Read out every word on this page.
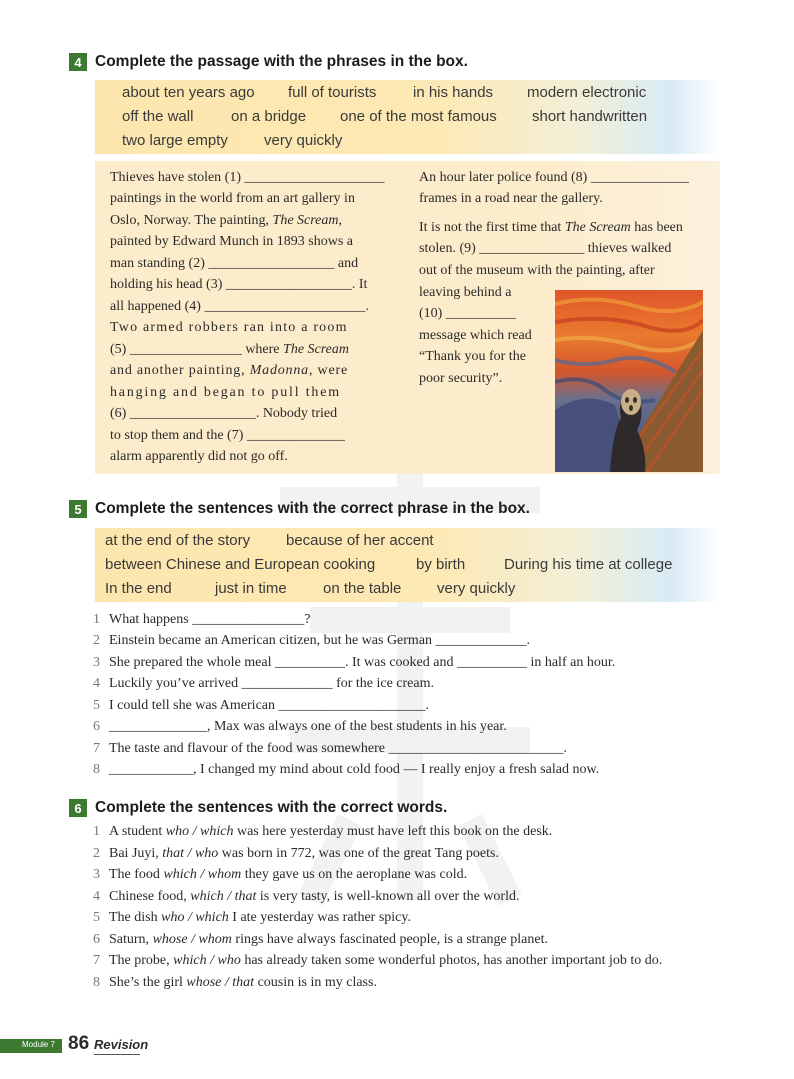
4 Complete the passage with the phrases in the box.
about ten years ago full of tourists in his hands modern electronic
off the wall	on a bridge one of the most famous short handwritten
two large empty very quickly
Thieves have stolen (1) ____________________
paintings in the world from an art gallery in
Oslo, Norway. The painting, The Scream,
painted by Edward Munch in 1893 shows a
man standing (2) __________________ and
holding his head (3) __________________. It
all happened (4) _______________________.
Two armed robbers ran into a room
(5) ________________ where The Scream
and another painting, Madonna, were
hanging and began to pull them
(6) __________________. Nobody tried
to stop them and the (7) ______________
alarm apparently did not go off.
An hour later police found (8) ______________
frames in a road near the gallery.
It is not the first time that The Scream has been
stolen. (9) _______________ thieves walked
out of the museum with the painting, after
leaving behind a
(10) __________
message which read
“Thank you for the
poor security”.
5 Complete the sentences with the correct phrase in the box.
at the end of the story because of her accent
between Chinese and European cooking	by birth	During his time at college
In the end	just in time on the table very quickly
1 What happens ________________?
2 Einstein became an American citizen, but he was German _____________.
3 She prepared the whole meal __________. It was cooked and __________ in half an hour.
4 Luckily you’ve arrived _____________ for the ice cream.
5 I could tell she was American _____________________.
6 ______________, Max was always one of the best students in his year.
7 The taste and flavour of the food was somewhere _________________________.
8 ____________, I changed my mind about cold food — I really enjoy a fresh salad now.
6 Complete the sentences with the correct words.
1 A student who / which was here yesterday must have left this book on the desk.
2 Bai Juyi, that / who was born in 772, was one of the great Tang poets.
3 The food which / whom they gave us on the aeroplane was cold.
4 Chinese food, which / that is very tasty, is well-known all over the world.
5 The dish who / which I ate yesterday was rather spicy.
6 Saturn, whose / whom rings have always fascinated people, is a strange planet.
7 The probe, which / who has already taken some wonderful photos, has another important job to do.
8 She’s the girl whose / that cousin is in my class.
Module 7 86 Revision
